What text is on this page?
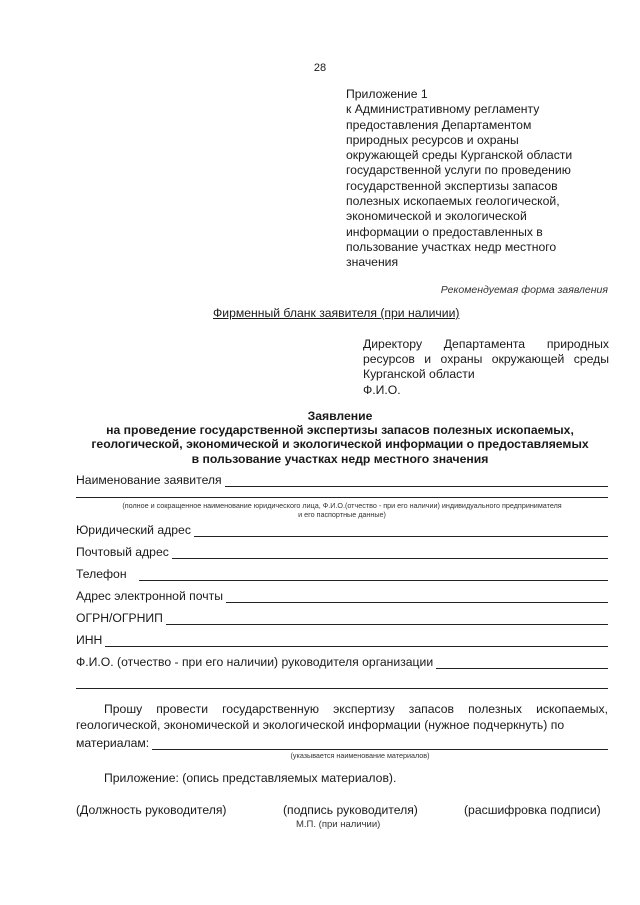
28
Приложение 1
к Административному регламенту
предоставления Департаментом
природных ресурсов и охраны
окружающей среды Курганской области
государственной услуги по проведению
государственной экспертизы запасов
полезных ископаемых геологической,
экономической и экологической
информации о предоставленных в
пользование участках недр местного
значения
Рекомендуемая форма заявления
Фирменный бланк заявителя (при наличии)
Директору Департамента природных
ресурсов и охраны окружающей среды
Курганской области
Ф.И.О.
Заявление
на проведение государственной экспертизы запасов полезных ископаемых,
геологической, экономической и экологической информации о предоставляемых
в пользование участках недр местного значения
Наименование заявителя
(полное и сокращенное наименование юридического лица, Ф.И.О.(отчество - при его наличии) индивидуального предпринимателя
и его паспортные данные)
Юридический адрес
Почтовый адрес
Телефон
Адрес электронной почты
ОГРН/ОГРНИП
ИНН
Ф.И.О. (отчество - при его наличии) руководителя организации
Прошу провести государственную экспертизу запасов полезных ископаемых, геологической, экономической и экологической информации (нужное подчеркнуть) по
материалам:
(указывается наименование материалов)
Приложение: (опись представляемых материалов).
(Должность руководителя)	(подпись руководителя)	(расшифровка подписи)
М.П. (при наличии)
